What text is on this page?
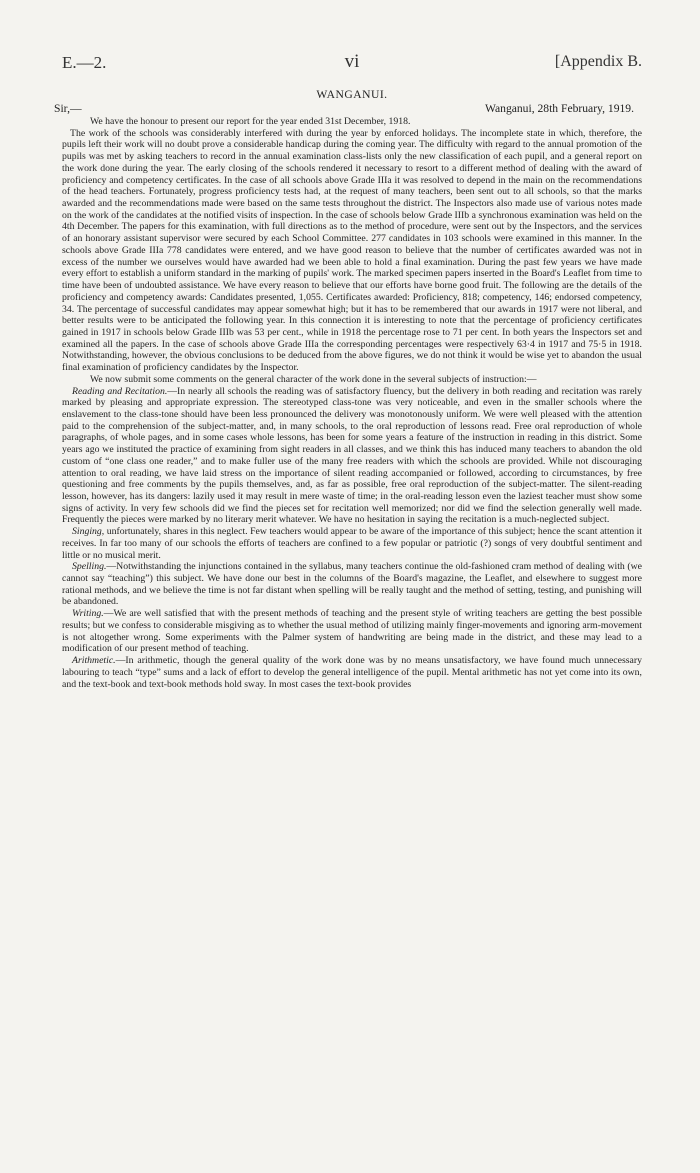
E.—2.	vi	[Appendix B.
WANGANUI.
Sir,—	Wanganui, 28th February, 1919.

We have the honour to present our report for the year ended 31st December, 1918.

The work of the schools was considerably interfered with during the year by enforced holidays. The incomplete state in which, therefore, the pupils left their work will no doubt prove a considerable handicap during the coming year. The difficulty with regard to the annual promotion of the pupils was met by asking teachers to record in the annual examination class-lists only the new classification of each pupil, and a general report on the work done during the year. The early closing of the schools rendered it necessary to resort to a different method of dealing with the award of proficiency and competency certificates. In the case of all schools above Grade IIIa it was resolved to depend in the main on the recommendations of the head teachers. Fortunately, progress proficiency tests had, at the request of many teachers, been sent out to all schools, so that the marks awarded and the recommendations made were based on the same tests throughout the district. The Inspectors also made use of various notes made on the work of the candidates at the notified visits of inspection. In the case of schools below Grade IIIb a synchronous examination was held on the 4th December. The papers for this examination, with full directions as to the method of procedure, were sent out by the Inspectors, and the services of an honorary assistant supervisor were secured by each School Committee. 277 candidates in 103 schools were examined in this manner. In the schools above Grade IIIa 778 candidates were entered, and we have good reason to believe that the number of certificates awarded was not in excess of the number we ourselves would have awarded had we been able to hold a final examination. During the past few years we have made every effort to establish a uniform standard in the marking of pupils' work. The marked specimen papers inserted in the Board's Leaflet from time to time have been of undoubted assistance. We have every reason to believe that our efforts have borne good fruit. The following are the details of the proficiency and competency awards: Candidates presented, 1,055. Certificates awarded: Proficiency, 818; competency, 146; endorsed competency, 34. The percentage of successful candidates may appear somewhat high; but it has to be remembered that our awards in 1917 were not liberal, and better results were to be anticipated the following year. In this connection it is interesting to note that the percentage of proficiency certificates gained in 1917 in schools below Grade IIIb was 53 per cent., while in 1918 the percentage rose to 71 per cent. In both years the Inspectors set and examined all the papers. In the case of schools above Grade IIIa the corresponding percentages were respectively 63·4 in 1917 and 75·5 in 1918. Notwithstanding, however, the obvious conclusions to be deduced from the above figures, we do not think it would be wise yet to abandon the usual final examination of proficiency candidates by the Inspector.

We now submit some comments on the general character of the work done in the several subjects of instruction:—

Reading and Recitation.—In nearly all schools the reading was of satisfactory fluency, but the delivery in both reading and recitation was rarely marked by pleasing and appropriate expression. The stereotyped class-tone was very noticeable, and even in the smaller schools where the enslavement to the class-tone should have been less pronounced the delivery was monotonously uniform. We were well pleased with the attention paid to the comprehension of the subject-matter, and, in many schools, to the oral reproduction of lessons read. Free oral reproduction of whole paragraphs, of whole pages, and in some cases whole lessons, has been for some years a feature of the instruction in reading in this district. Some years ago we instituted the practice of examining from sight readers in all classes, and we think this has induced many teachers to abandon the old custom of “one class one reader,” and to make fuller use of the many free readers with which the schools are provided. While not discouraging attention to oral reading, we have laid stress on the importance of silent reading accompanied or followed, according to circumstances, by free questioning and free comments by the pupils themselves, and, as far as possible, free oral reproduction of the subject-matter. The silent-reading lesson, however, has its dangers: lazily used it may result in mere waste of time; in the oral-reading lesson even the laziest teacher must show some signs of activity. In very few schools did we find the pieces set for recitation well memorized; nor did we find the selection generally well made. Frequently the pieces were marked by no literary merit whatever. We have no hesitation in saying the recitation is a much-neglected subject.

Singing, unfortunately, shares in this neglect. Few teachers would appear to be aware of the importance of this subject; hence the scant attention it receives. In far too many of our schools the efforts of teachers are confined to a few popular or patriotic (?) songs of very doubtful sentiment and little or no musical merit.

Spelling.—Notwithstanding the injunctions contained in the syllabus, many teachers continue the old-fashioned cram method of dealing with (we cannot say “teaching”) this subject. We have done our best in the columns of the Board's magazine, the Leaflet, and elsewhere to suggest more rational methods, and we believe the time is not far distant when spelling will be really taught and the method of setting, testing, and punishing will be abandoned.

Writing.—We are well satisfied that with the present methods of teaching and the present style of writing teachers are getting the best possible results; but we confess to considerable misgiving as to whether the usual method of utilizing mainly finger-movements and ignoring arm-movement is not altogether wrong. Some experiments with the Palmer system of handwriting are being made in the district, and these may lead to a modification of our present method of teaching.

Arithmetic.—In arithmetic, though the general quality of the work done was by no means unsatisfactory, we have found much unnecessary labouring to teach “type” sums and a lack of effort to develop the general intelligence of the pupil. Mental arithmetic has not yet come into its own, and the text-book and text-book methods hold sway. In most cases the text-book provides
